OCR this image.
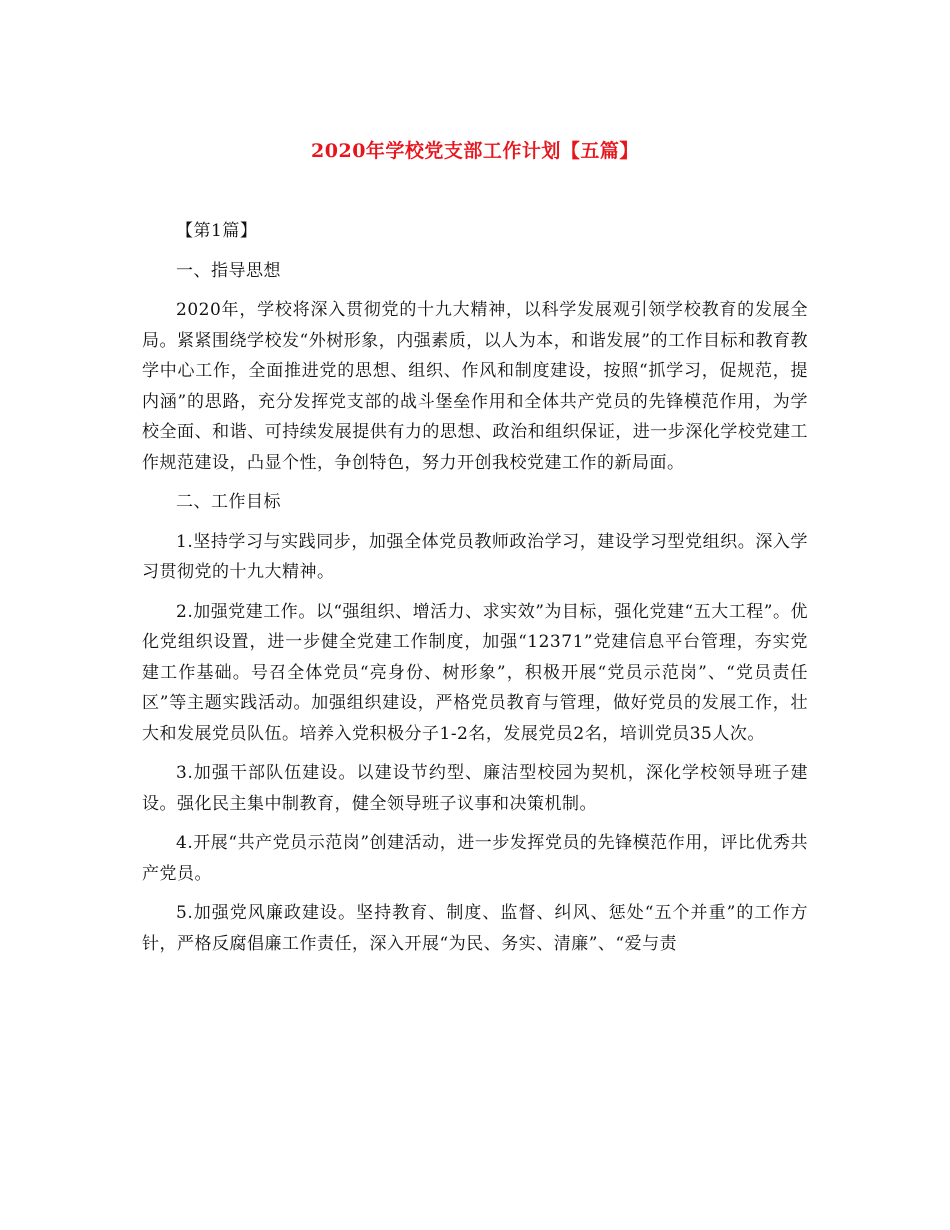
2020年学校党支部工作计划【五篇】

【第1篇】

一、指导思想

2020年，学校将深入贯彻党的十九大精神，以科学发展观引领学校教育的发展全局。紧紧围绕学校发“外树形象，内强素质，以人为本，和谐发展”的工作目标和教育教学中心工作，全面推进党的思想、组织、作风和制度建设，按照“抓学习，促规范，提内涵”的思路，充分发挥党支部的战斗堡垒作用和全体共产党员的先锋模范作用，为学校全面、和谐、可持续发展提供有力的思想、政治和组织保证，进一步深化学校党建工作规范建设，凸显个性，争创特色，努力开创我校党建工作的新局面。

二、工作目标

1.坚持学习与实践同步，加强全体党员教师政治学习，建设学习型党组织。深入学习贯彻党的十九大精神。

2.加强党建工作。以“强组织、增活力、求实效”为目标，强化党建“五大工程”。优化党组织设置，进一步健全党建工作制度，加强“12371”党建信息平台管理，夯实党建工作基础。号召全体党员“亮身份、树形象”，积极开展“党员示范岗”、“党员责任区”等主题实践活动。加强组织建设，严格党员教育与管理，做好党员的发展工作，壮大和发展党员队伍。培养入党积极分子1-2名，发展党员2名，培训党员35人次。

3.加强干部队伍建设。以建设节约型、廉洁型校园为契机，深化学校领导班子建设。强化民主集中制教育，健全领导班子议事和决策机制。

4.开展“共产党员示范岗”创建活动，进一步发挥党员的先锋模范作用，评比优秀共产党员。

5.加强党风廉政建设。坚持教育、制度、监督、纠风、惩处“五个并重”的工作方针，严格反腐倡廉工作责任，深入开展“为民、务实、清廉”、“爱与责
